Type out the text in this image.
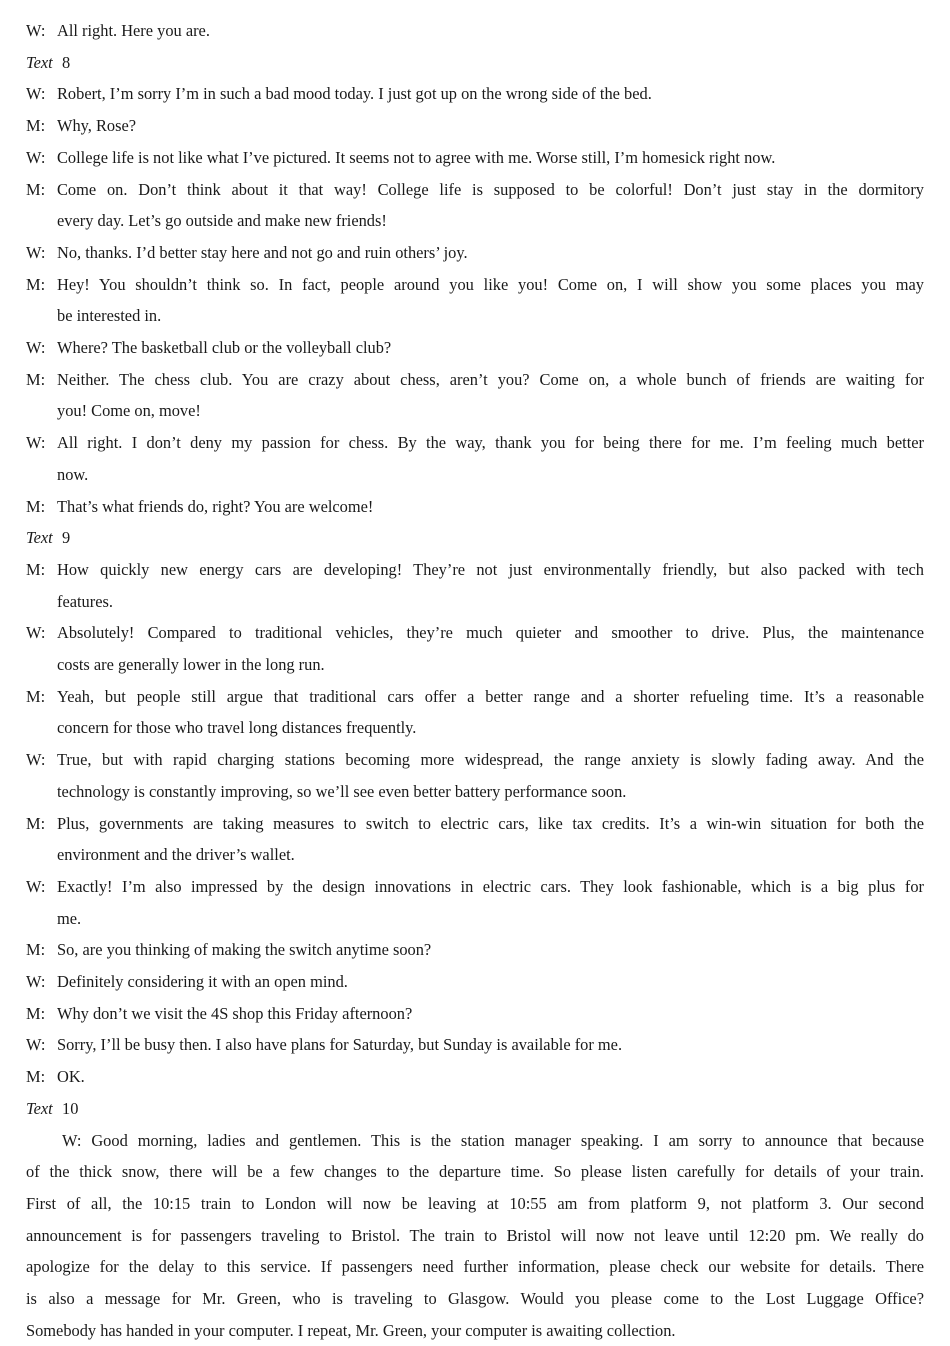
W: All right. Here you are.
Text 8
W: Robert, I’m sorry I’m in such a bad mood today. I just got up on the wrong side of the bed.
M: Why, Rose?
W: College life is not like what I’ve pictured. It seems not to agree with me. Worse still, I’m homesick right now.
M: Come on. Don’t think about it that way! College life is supposed to be colorful! Don’t just stay in the dormitory
every day. Let’s go outside and make new friends!
W: No, thanks. I’d better stay here and not go and ruin others’ joy.
M: Hey! You shouldn’t think so. In fact, people around you like you! Come on, I will show you some places you may
be interested in.
W: Where? The basketball club or the volleyball club?
M: Neither. The chess club. You are crazy about chess, aren’t you? Come on, a whole bunch of friends are waiting for
you! Come on, move!
W: All right. I don’t deny my passion for chess. By the way, thank you for being there for me. I’m feeling much better
now.
M: That’s what friends do, right? You are welcome!
Text 9
M: How quickly new energy cars are developing! They’re not just environmentally friendly, but also packed with tech
features.
W: Absolutely! Compared to traditional vehicles, they’re much quieter and smoother to drive. Plus, the maintenance
costs are generally lower in the long run.
M: Yeah, but people still argue that traditional cars offer a better range and a shorter refueling time. It’s a reasonable
concern for those who travel long distances frequently.
W: True, but with rapid charging stations becoming more widespread, the range anxiety is slowly fading away. And the
technology is constantly improving, so we’ll see even better battery performance soon.
M: Plus, governments are taking measures to switch to electric cars, like tax credits. It’s a win-win situation for both the
environment and the driver’s wallet.
W: Exactly! I’m also impressed by the design innovations in electric cars. They look fashionable, which is a big plus for
me.
M: So, are you thinking of making the switch anytime soon?
W: Definitely considering it with an open mind.
M: Why don’t we visit the 4S shop this Friday afternoon?
W: Sorry, I’ll be busy then. I also have plans for Saturday, but Sunday is available for me.
M: OK.
Text 10
W: Good morning, ladies and gentlemen. This is the station manager speaking. I am sorry to announce that because
of the thick snow, there will be a few changes to the departure time. So please listen carefully for details of your train.
First of all, the 10:15 train to London will now be leaving at 10:55 am from platform 9, not platform 3. Our second
announcement is for passengers traveling to Bristol. The train to Bristol will now not leave until 12:20 pm. We really do
apologize for the delay to this service. If passengers need further information, please check our website for details. There
is also a message for Mr. Green, who is traveling to Glasgow. Would you please come to the Lost Luggage Office?
Somebody has handed in your computer. I repeat, Mr. Green, your computer is awaiting collection.
